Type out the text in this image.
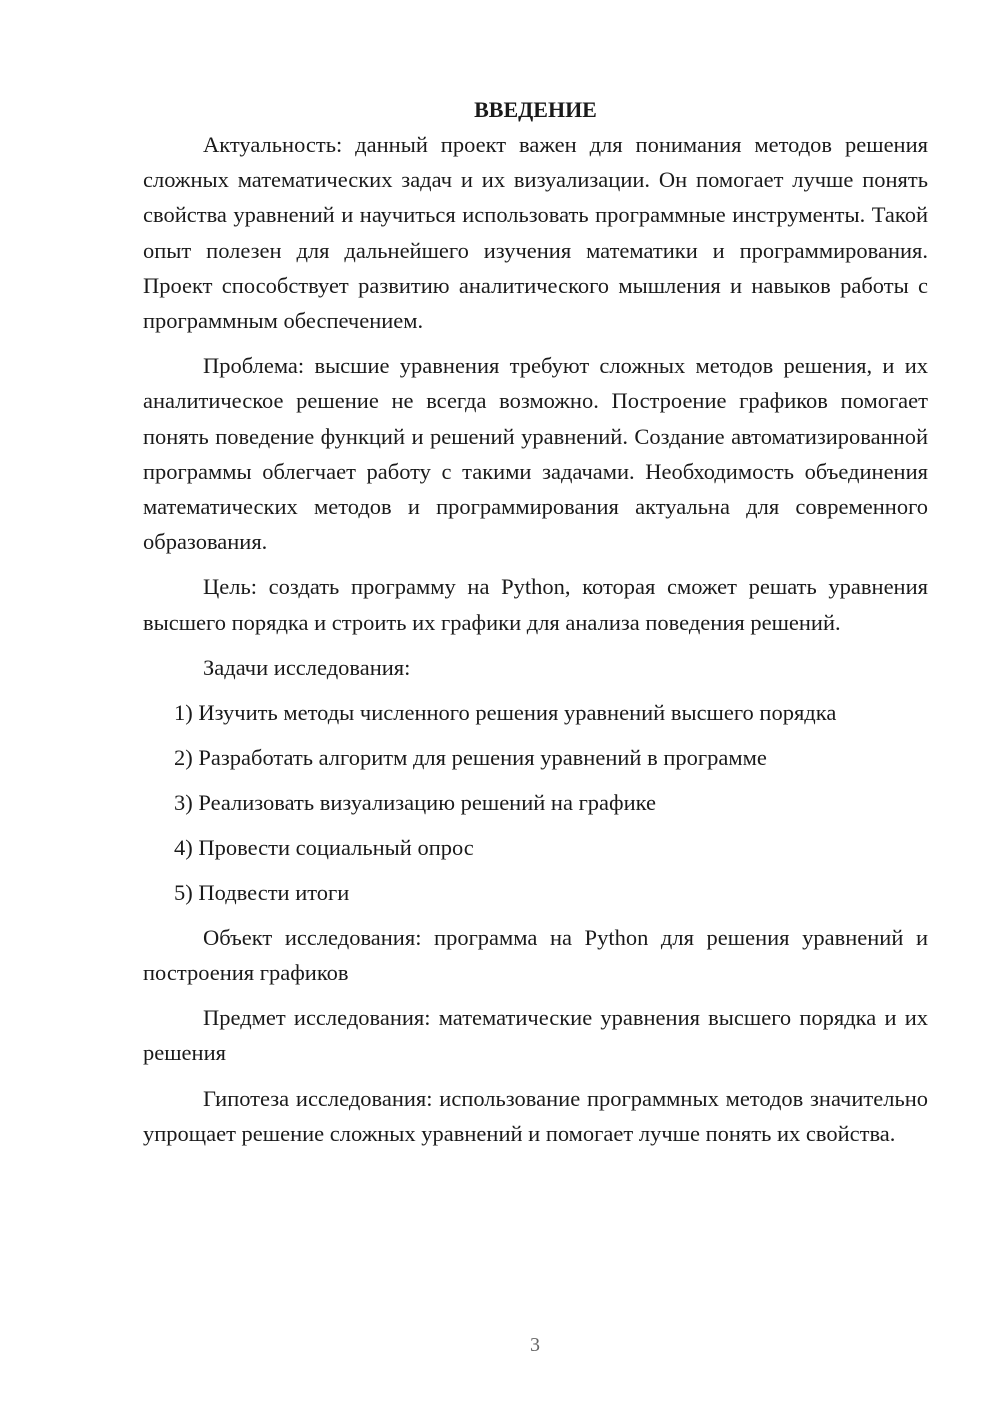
ВВЕДЕНИЕ

Актуальность: данный проект важен для понимания методов решения сложных математических задач и их визуализации. Он помогает лучше понять свойства уравнений и научиться использовать программные инструменты. Такой опыт полезен для дальнейшего изучения математики и программирования. Проект способствует развитию аналитического мышления и навыков работы с программным обеспечением.

Проблема: высшие уравнения требуют сложных методов решения, и их аналитическое решение не всегда возможно. Построение графиков помогает понять поведение функций и решений уравнений. Создание автоматизированной программы облегчает работу с такими задачами. Необходимость объединения математических методов и программирования актуальна для современного образования.

Цель: создать программу на Python, которая сможет решать уравнения высшего порядка и строить их графики для анализа поведения решений.

Задачи исследования:

1) Изучить методы численного решения уравнений высшего порядка
2) Разработать алгоритм для решения уравнений в программе
3) Реализовать визуализацию решений на графике
4) Провести социальный опрос
5) Подвести итоги

Объект исследования: программа на Python для решения уравнений и построения графиков

Предмет исследования: математические уравнения высшего порядка и их решения

Гипотеза исследования: использование программных методов значительно упрощает решение сложных уравнений и помогает лучше понять их свойства.

3
